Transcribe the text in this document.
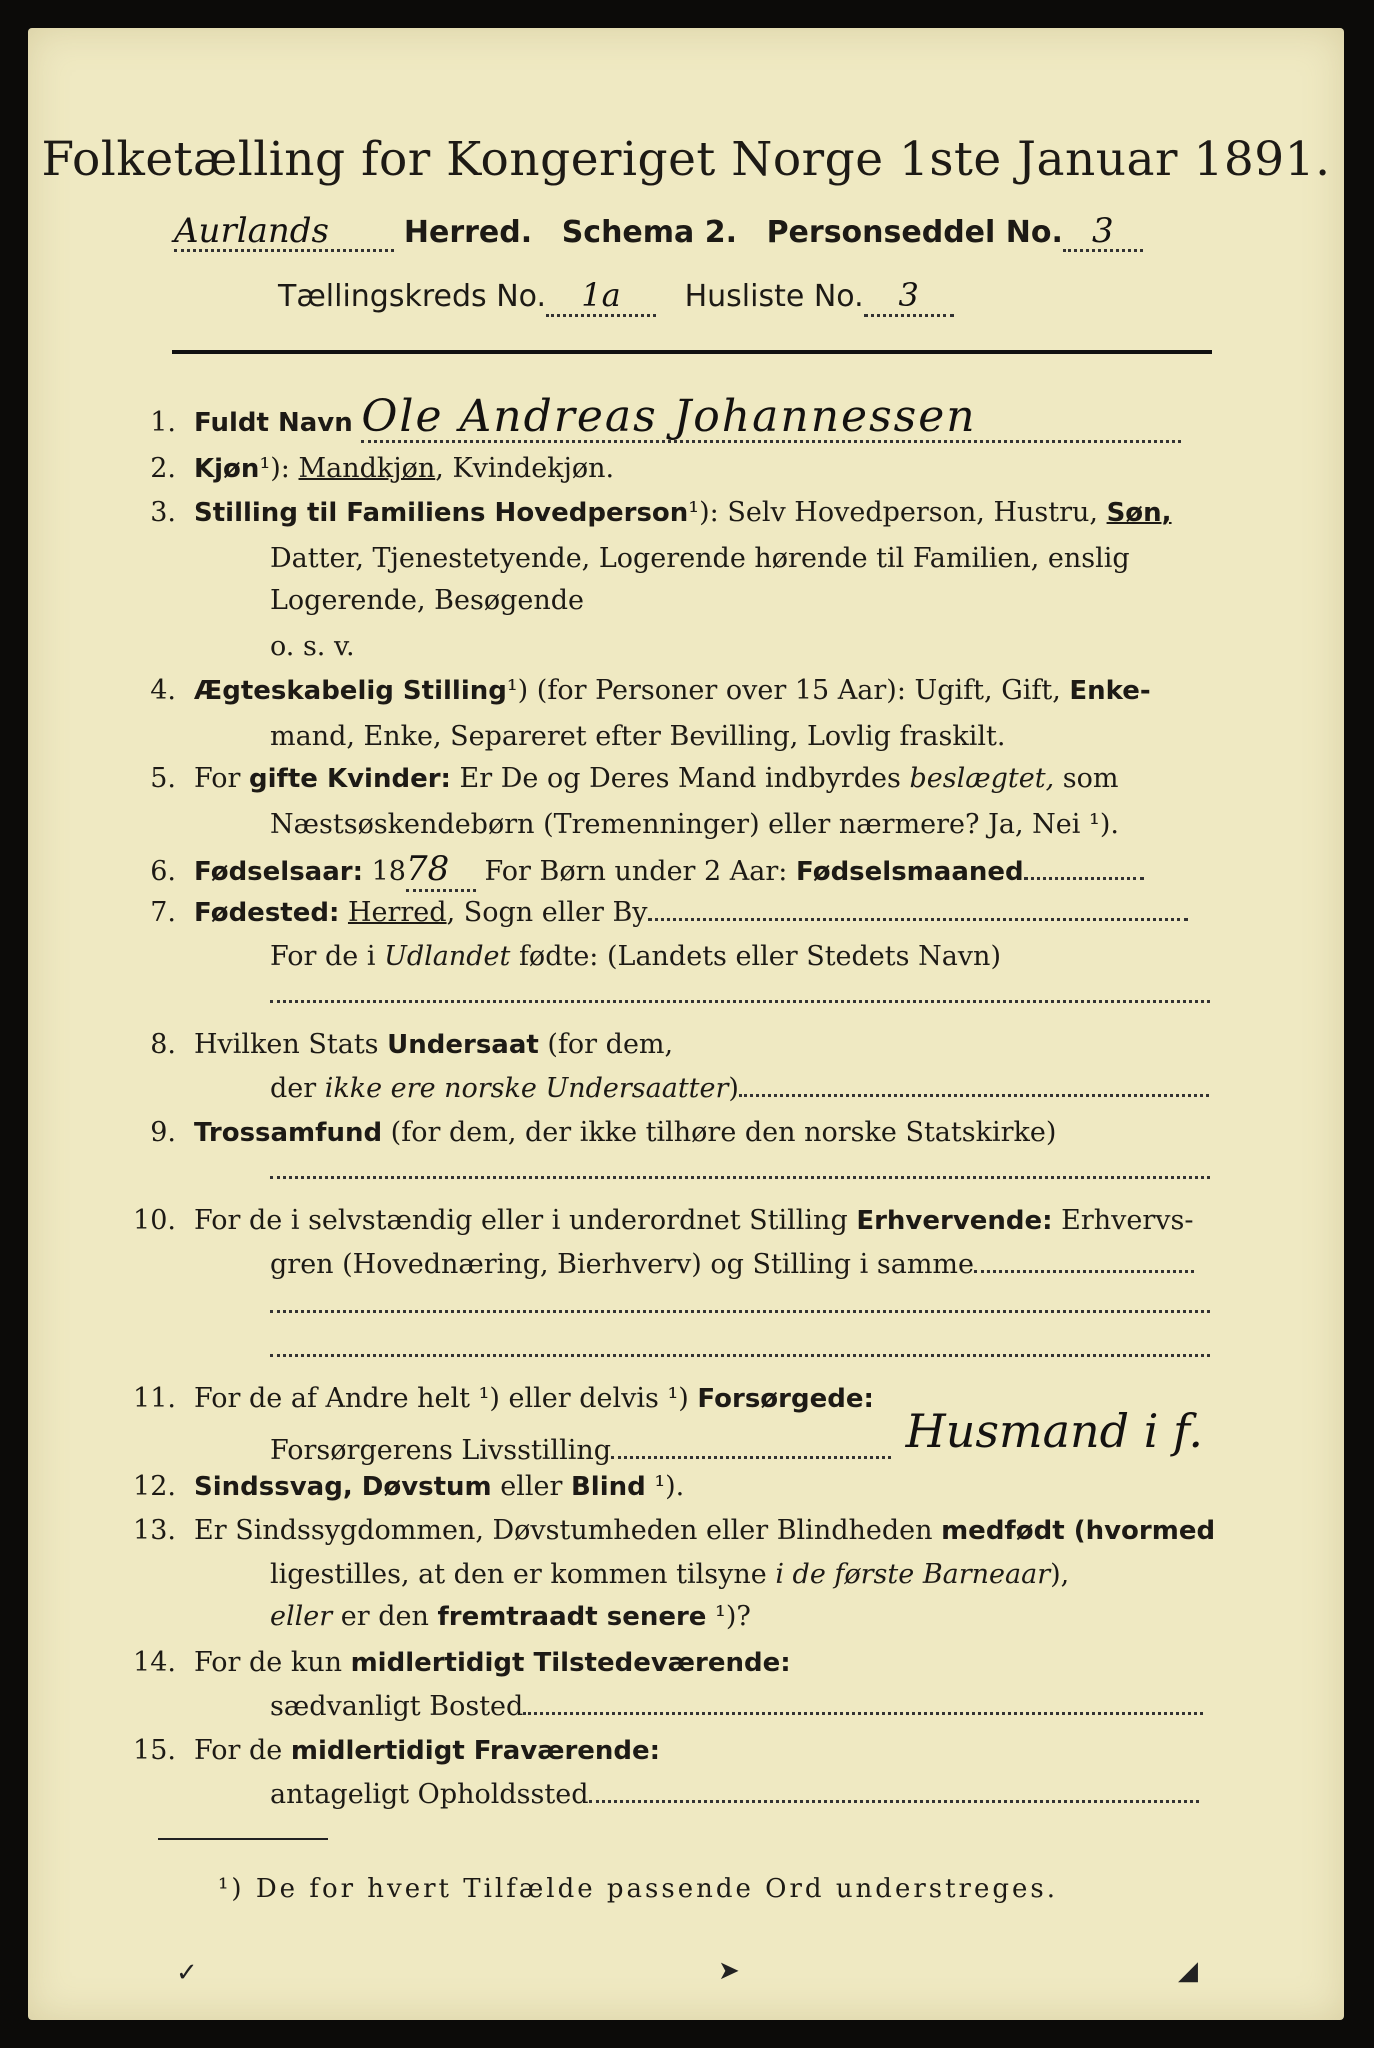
Folketælling for Kongeriget Norge 1ste Januar 1891.
Aurlands Herred. Schema 2. Personseddel No. 3
Tællingskreds No. 1a Husliste No. 3
1. Fuldt Navn Ole Andreas Johannessen
2. Kjøn¹): Mandkjøn, Kvindekjøn.
3. Stilling til Familiens Hovedperson¹): Selv Hovedperson, Hustru, Søn,
Datter, Tjenestetyende, Logerende hørende til Familien, enslig
Logerende, Besøgende
o. s. v.
4. Ægteskabelig Stilling¹) (for Personer over 15 Aar): Ugift, Gift, Enke-
mand, Enke, Separeret efter Bevilling, Lovlig fraskilt.
5. For gifte Kvinder: Er De og Deres Mand indbyrdes beslægtet, som
Næstsøskendebørn (Tremenninger) eller nærmere? Ja, Nei ¹).
6. Fødselsaar: 1878 For Børn under 2 Aar: Fødselsmaaned
7. Fødested: Herred, Sogn eller By
For de i Udlandet fødte: (Landets eller Stedets Navn)
8. Hvilken Stats Undersaat (for dem,
der ikke ere norske Undersaatter)
9. Trossamfund (for dem, der ikke tilhøre den norske Statskirke)
10. For de i selvstændig eller i underordnet Stilling Erhvervende: Erhvervs-
gren (Hovednæring, Bierhverv) og Stilling i samme
11. For de af Andre helt ¹) eller delvis ¹) Forsørgede:
Forsørgerens Livsstilling	Husmand i f.
12. Sindssvag, Døvstum eller Blind ¹).
13. Er Sindssygdommen, Døvstumheden eller Blindheden medfødt (hvormed
ligestilles, at den er kommen tilsyne i de første Barneaar),
eller er den fremtraadt senere ¹)?
14. For de kun midlertidigt Tilstedeværende:
sædvanligt Bosted
15. For de midlertidigt Fraværende:
antageligt Opholdssted
¹) De for hvert Tilfælde passende Ord understreges.
✓	➤	◢
